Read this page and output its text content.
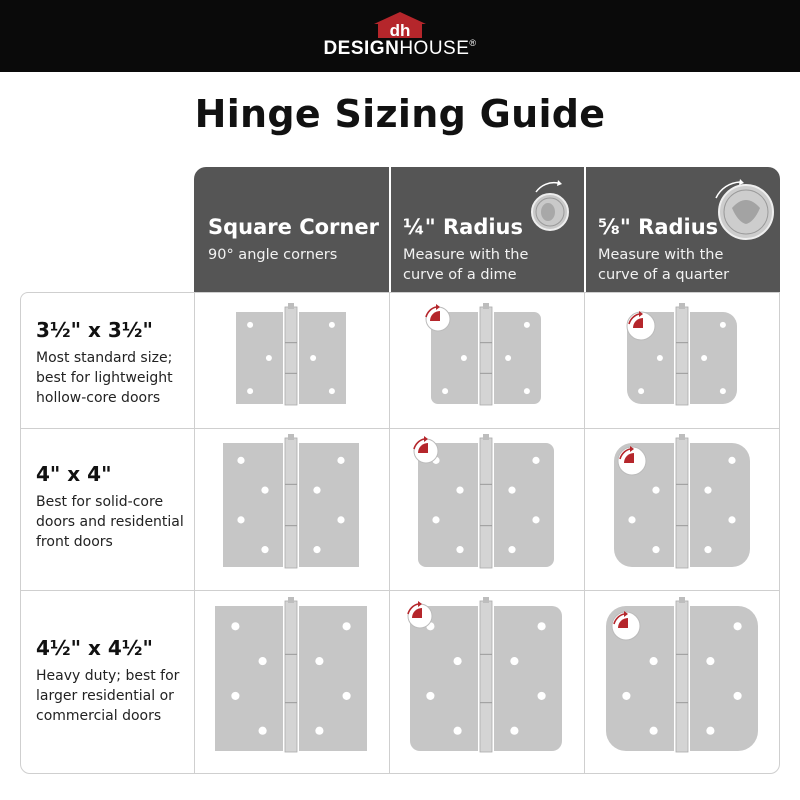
dh
DESIGNHOUSE®
Hinge Sizing Guide
Square Corner
90° angle corners
¼" Radius
Measure with the curve of a dime
⁵⁄₈" Radius
Measure with the curve of a quarter
3½" x 3½"
Most standard size; best for lightweight hollow-core doors
4" x 4"
Best for solid-core doors and residential front doors
4½" x 4½"
Heavy duty; best for larger residential or commercial doors
